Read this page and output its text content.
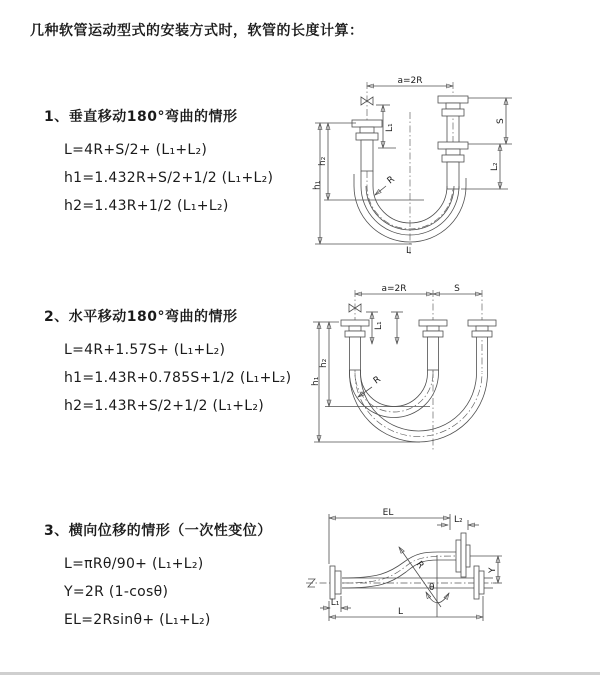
几种软管运动型式的安装方式时，软管的长度计算：
1、垂直移动180°弯曲的情形
L=4R+S/2+ (L₁+L₂)
h1=1.432R+S/2+1/2 (L₁+L₂)
h2=1.43R+1/2 (L₁+L₂)
a=2R
R
h₂
h₁
L₁
S
L₂
L
2、水平移动180°弯曲的情形
L=4R+1.57S+ (L₁+L₂)
h1=1.43R+0.785S+1/2 (L₁+L₂)
h2=1.43R+S/2+1/2 (L₁+L₂)
a=2R	S
h₂
h₁
L₁
R
3、横向位移的情形（一次性变位）
L=πRθ/90+ (L₁+L₂)
Y=2R (1-cosθ)
EL=2Rsinθ+ (L₁+L₂)
EL
L₂
Y
R
θ
L₁
L
